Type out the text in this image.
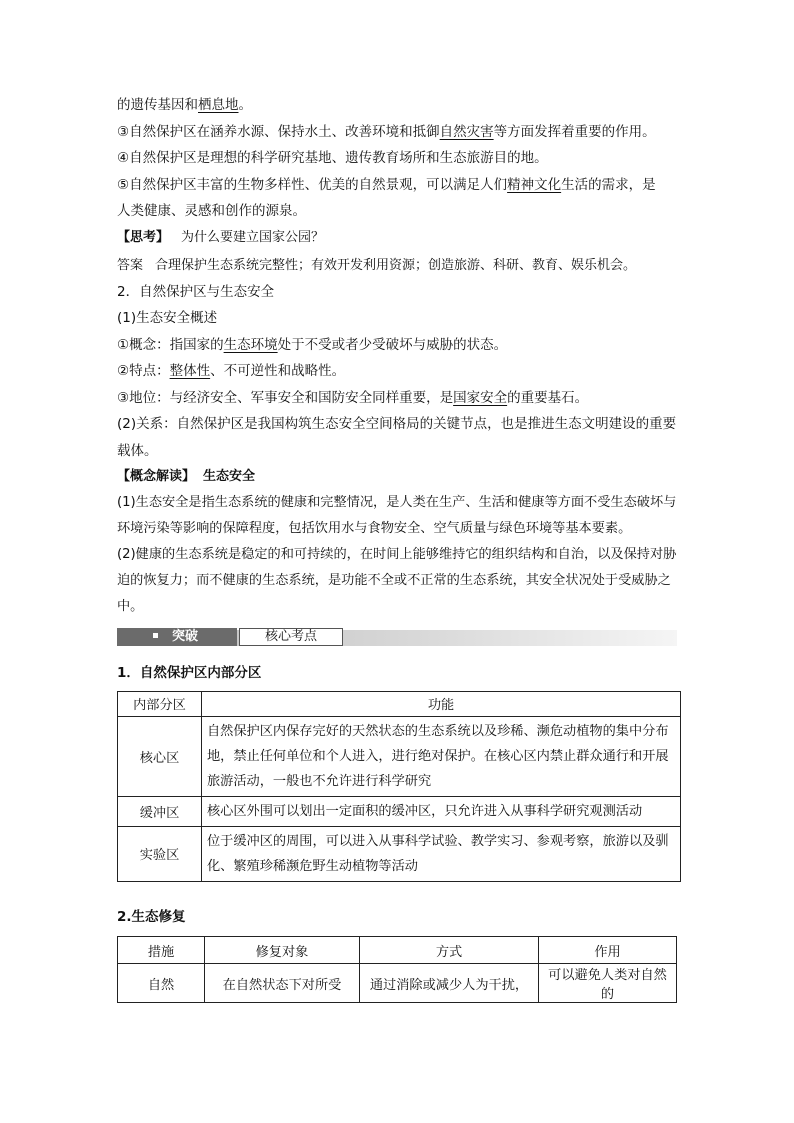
的遗传基因和栖息地。
③自然保护区在涵养水源、保持水土、改善环境和抵御自然灾害等方面发挥着重要的作用。
④自然保护区是理想的科学研究基地、遗传教育场所和生态旅游目的地。
⑤自然保护区丰富的生物多样性、优美的自然景观，可以满足人们精神文化生活的需求，是
人类健康、灵感和创作的源泉。
【思考】 为什么要建立国家公园？
答案 合理保护生态系统完整性；有效开发利用资源；创造旅游、科研、教育、娱乐机会。
2．自然保护区与生态安全
(1)生态安全概述
①概念：指国家的生态环境处于不受或者少受破坏与威胁的状态。
②特点：整体性、不可逆性和战略性。
③地位：与经济安全、军事安全和国防安全同样重要，是国家安全的重要基石。
(2)关系：自然保护区是我国构筑生态安全空间格局的关键节点，也是推进生态文明建设的重要载体。
【概念解读】 生态安全
(1)生态安全是指生态系统的健康和完整情况，是人类在生产、生活和健康等方面不受生态破坏与环境污染等影响的保障程度，包括饮用水与食物安全、空气质量与绿色环境等基本要素。
(2)健康的生态系统是稳定的和可持续的，在时间上能够维持它的组织结构和自治，以及保持对胁迫的恢复力；而不健康的生态系统，是功能不全或不正常的生态系统，其安全状况处于受威胁之中。
突破	核心考点
1．自然保护区内部分区
内部分区	功能
核心区	自然保护区内保存完好的天然状态的生态系统以及珍稀、濒危动植物的集中分布地，禁止任何单位和个人进入，进行绝对保护。在核心区内禁止群众通行和开展旅游活动，一般也不允许进行科学研究
缓冲区	核心区外围可以划出一定面积的缓冲区，只允许进入从事科学研究观测活动
实验区	位于缓冲区的周围，可以进入从事科学试验、教学实习、参观考察，旅游以及驯化、繁殖珍稀濒危野生动植物等活动
2.生态修复
措施	修复对象	方式	作用
自然	在自然状态下对所受	通过消除或减少人为干扰，	可以避免人类对自然的
